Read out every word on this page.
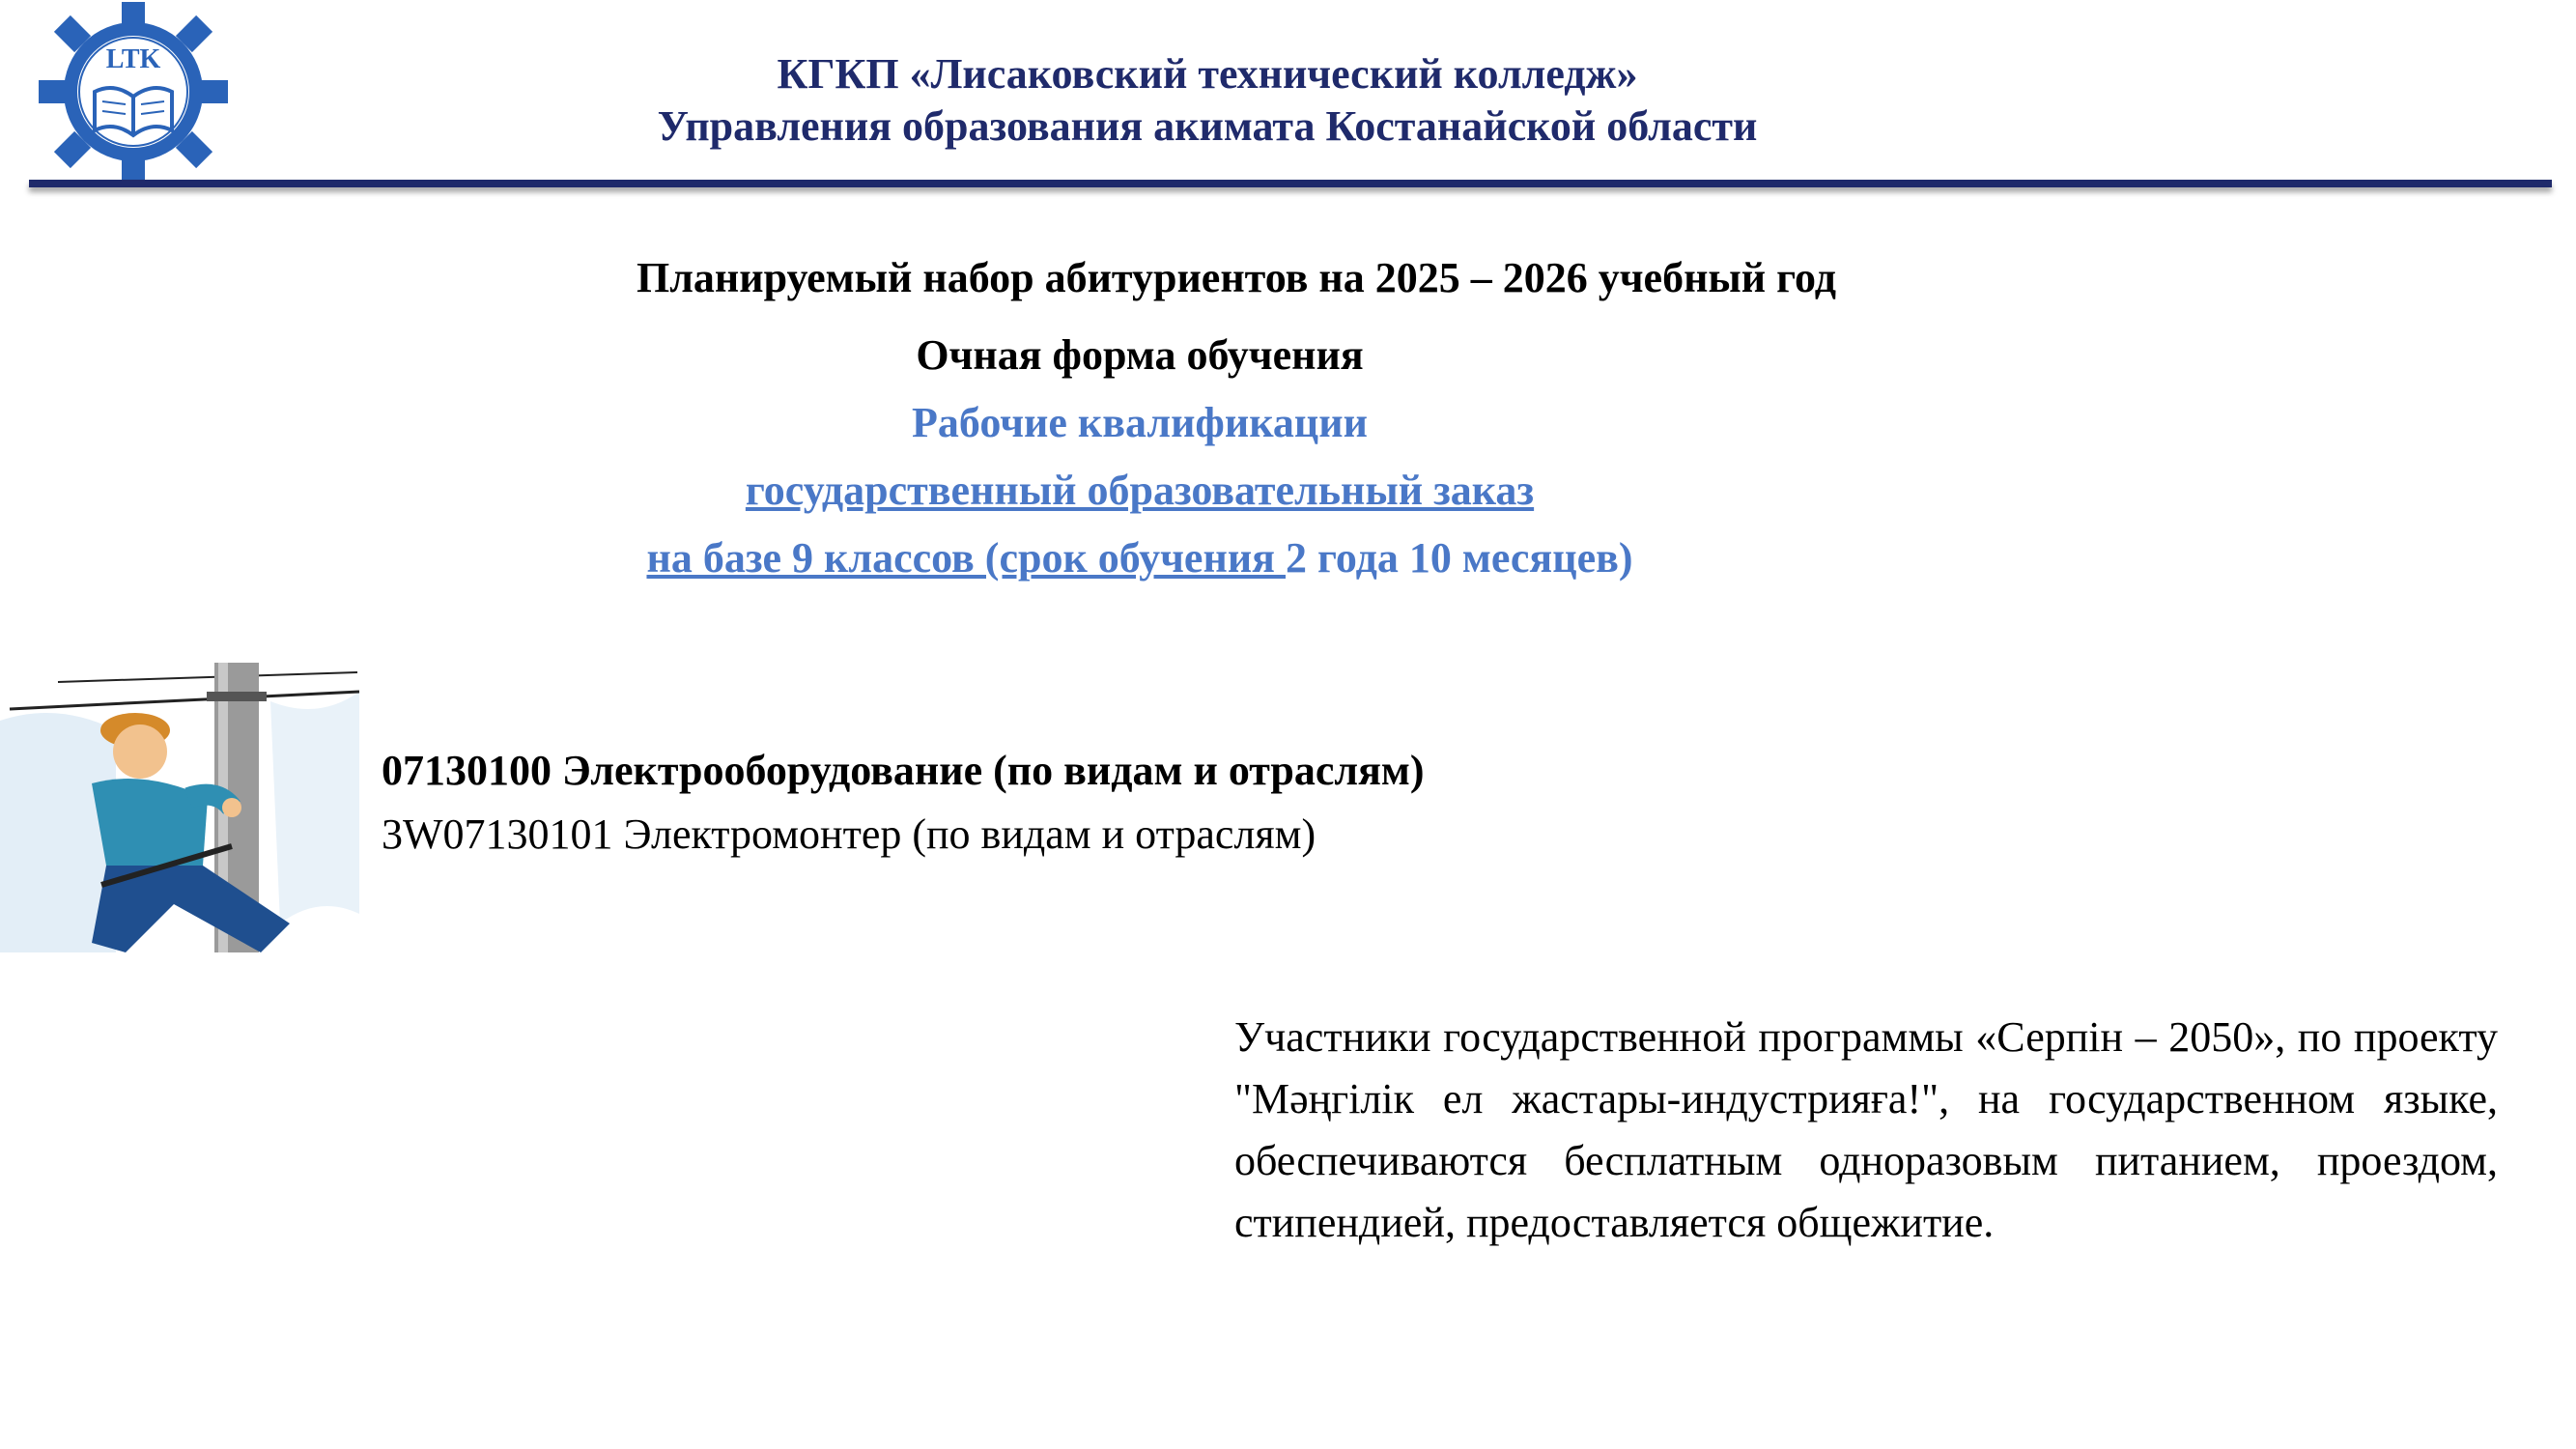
LTK	КГКП «Лисаковский технический колледж»
Управления образования акимата Костанайской области
Планируемый набор абитуриентов на 2025 – 2026 учебный год
Очная форма обучения
Рабочие квалификации
государственный образовательный заказ
на базе 9 классов (срок обучения 2 года 10 месяцев)
07130100 Электрооборудование (по видам и отраслям)
3W07130101 Электромонтер (по видам и отраслям)
Участники государственной программы «Серпін – 2050», по проекту "Мәңгілік ел жастары-индустрияға!", на государственном языке, обеспечиваются бесплатным одноразовым питанием, проездом, стипендией, предоставляется общежитие.
